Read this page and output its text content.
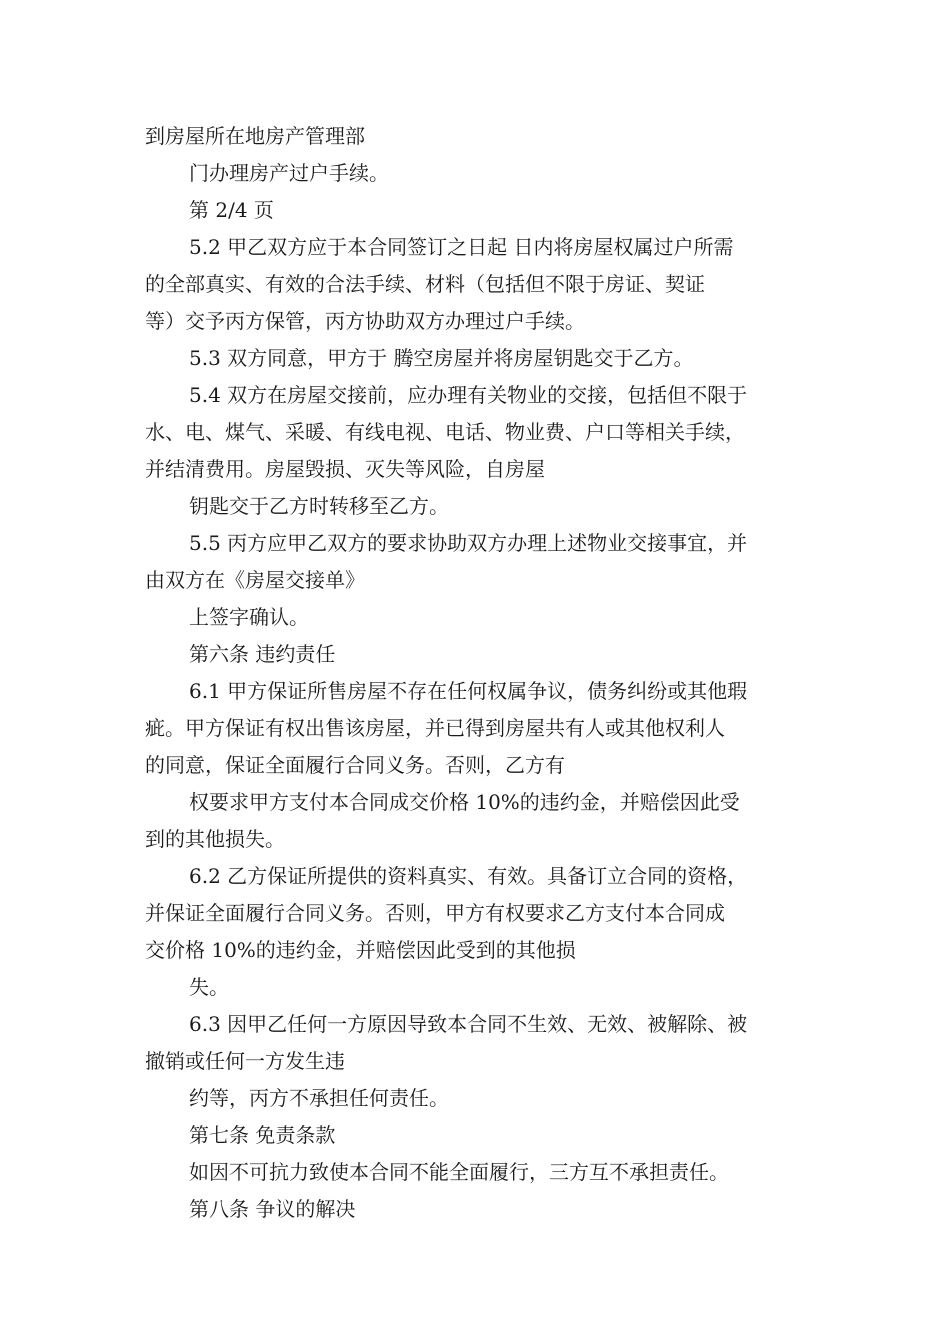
到房屋所在地房产管理部
门办理房产过户手续。
第 2/4 页
5.2 甲乙双方应于本合同签订之日起 日内将房屋权属过户所需
的全部真实、有效的合法手续、材料（包括但不限于房证、契证
等）交予丙方保管，丙方协助双方办理过户手续。
5.3 双方同意，甲方于 腾空房屋并将房屋钥匙交于乙方。
5.4 双方在房屋交接前，应办理有关物业的交接，包括但不限于
水、电、煤气、采暖、有线电视、电话、物业费、户口等相关手续，
并结清费用。房屋毁损、灭失等风险，自房屋
钥匙交于乙方时转移至乙方。
5.5 丙方应甲乙双方的要求协助双方办理上述物业交接事宜，并
由双方在《房屋交接单》
上签字确认。
第六条 违约责任
6.1 甲方保证所售房屋不存在任何权属争议，债务纠纷或其他瑕
疵。甲方保证有权出售该房屋，并已得到房屋共有人或其他权利人
的同意，保证全面履行合同义务。否则，乙方有
权要求甲方支付本合同成交价格 10%的违约金，并赔偿因此受
到的其他损失。
6.2 乙方保证所提供的资料真实、有效。具备订立合同的资格，
并保证全面履行合同义务。否则，甲方有权要求乙方支付本合同成
交价格 10%的违约金，并赔偿因此受到的其他损
失。
6.3 因甲乙任何一方原因导致本合同不生效、无效、被解除、被
撤销或任何一方发生违
约等，丙方不承担任何责任。
第七条 免责条款
如因不可抗力致使本合同不能全面履行，三方互不承担责任。
第八条 争议的解决
